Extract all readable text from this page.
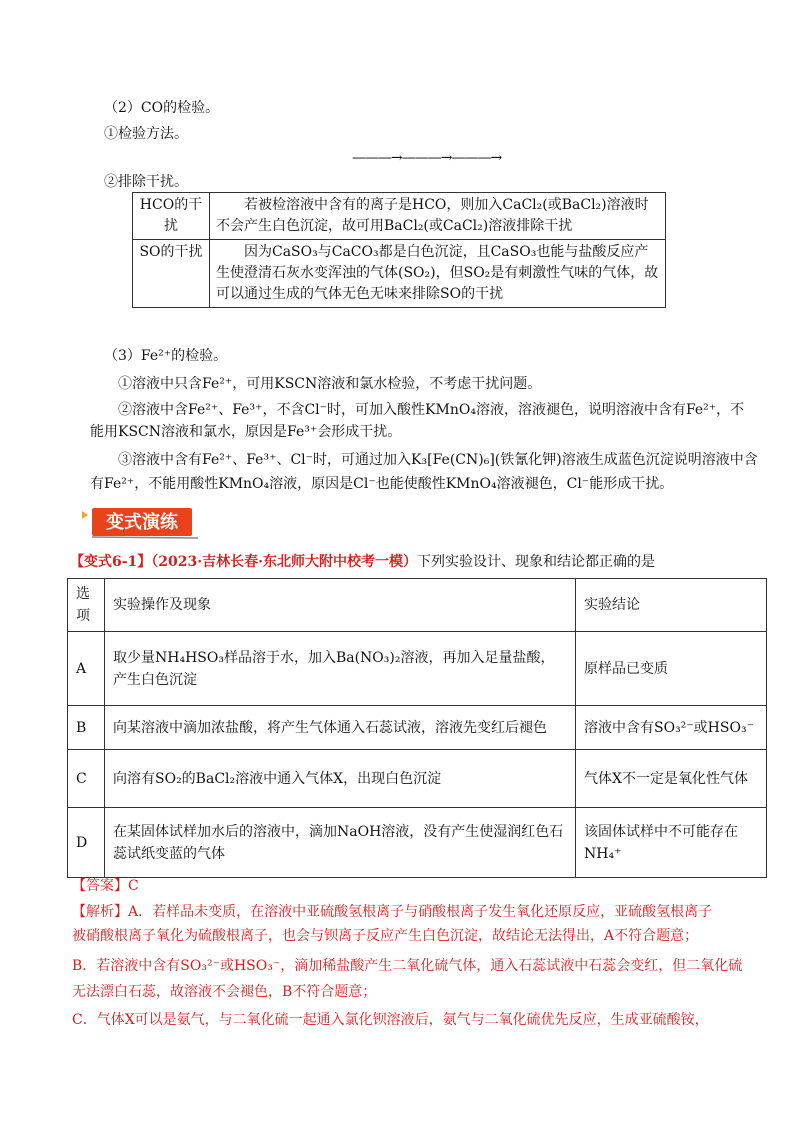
（2）CO的检验。
①检验方法。
———→———→———→
②排除干扰。
HCO的干扰	若被检溶液中含有的离子是HCO，则加入CaCl₂(或BaCl₂)溶液时不会产生白色沉淀，故可用BaCl₂(或CaCl₂)溶液排除干扰
SO的干扰	因为CaSO₃与CaCO₃都是白色沉淀，且CaSO₃也能与盐酸反应产生使澄清石灰水变浑浊的气体(SO₂)，但SO₂是有刺激性气味的气体，故可以通过生成的气体无色无味来排除SO的干扰
（3）Fe²⁺的检验。
①溶液中只含Fe²⁺，可用KSCN溶液和氯水检验，不考虑干扰问题。
②溶液中含Fe²⁺、Fe³⁺，不含Cl⁻时，可加入酸性KMnO₄溶液，溶液褪色，说明溶液中含有Fe²⁺，不
能用KSCN溶液和氯水，原因是Fe³⁺会形成干扰。
③溶液中含有Fe²⁺、Fe³⁺、Cl⁻时，可通过加入K₃[Fe(CN)₆](铁氰化钾)溶液生成蓝色沉淀说明溶液中含
有Fe²⁺，不能用酸性KMnO₄溶液，原因是Cl⁻也能使酸性KMnO₄溶液褪色，Cl⁻能形成干扰。
变式演练
【变式6-1】（2023·吉林长春·东北师大附中校考一模）下列实验设计、现象和结论都正确的是
选项	实验操作及现象	实验结论
A	取少量NH₄HSO₃样品溶于水，加入Ba(NO₃)₂溶液，再加入足量盐酸，产生白色沉淀	原样品已变质
B	向某溶液中滴加浓盐酸，将产生气体通入石蕊试液，溶液先变红后褪色	溶液中含有SO₃²⁻或HSO₃⁻
C	向溶有SO₂的BaCl₂溶液中通入气体X，出现白色沉淀	气体X不一定是氧化性气体
D	在某固体试样加水后的溶液中，滴加NaOH溶液，没有产生使湿润红色石蕊试纸变蓝的气体	该固体试样中不可能存在NH₄⁺
【答案】C
【解析】A．若样品未变质，在溶液中亚硫酸氢根离子与硝酸根离子发生氧化还原反应，亚硫酸氢根离子
被硝酸根离子氧化为硫酸根离子，也会与钡离子反应产生白色沉淀，故结论无法得出，A不符合题意；
B．若溶液中含有SO₃²⁻或HSO₃⁻，滴加稀盐酸产生二氧化硫气体，通入石蕊试液中石蕊会变红，但二氧化硫
无法漂白石蕊，故溶液不会褪色，B不符合题意；
C．气体X可以是氨气，与二氧化硫一起通入氯化钡溶液后，氨气与二氧化硫优先反应，生成亚硫酸铵，
